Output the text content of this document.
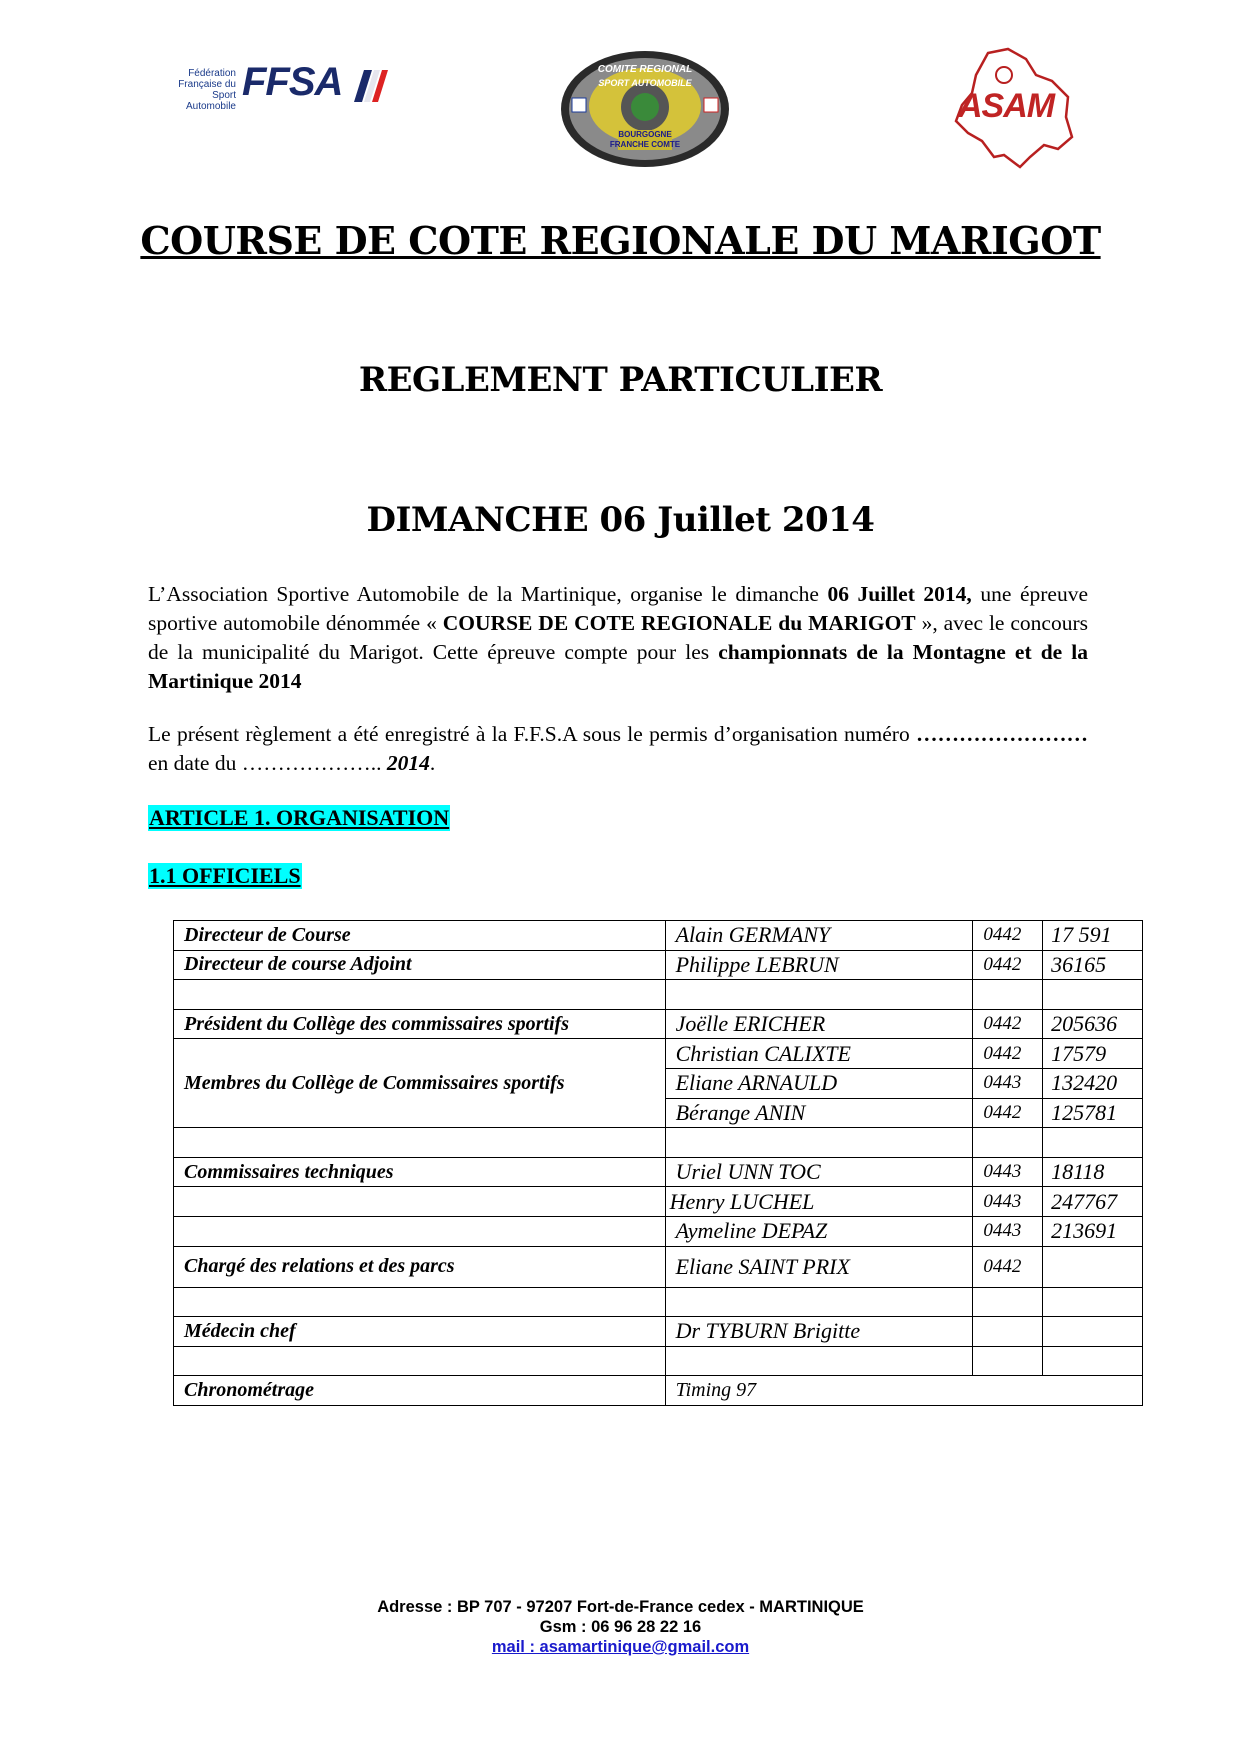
Fédération Française du Sport Automobile
FFSA	COMITE REGIONAL
SPORT AUTOMOBILE
BOURGOGNE
FRANCHE COMTE
ASAM
COURSE DE COTE REGIONALE DU MARIGOT
REGLEMENT PARTICULIER
DIMANCHE 06 Juillet 2014
L’Association Sportive Automobile de la Martinique, organise le dimanche 06 Juillet 2014, une épreuve sportive automobile dénommée « COURSE DE COTE REGIONALE du MARIGOT », avec le concours de la municipalité du Marigot. Cette épreuve compte pour les championnats de la Montagne et de la Martinique 2014
Le présent règlement a été enregistré à la F.F.S.A sous le permis d’organisation numéro …………………… en date du ……………….. 2014.
ARTICLE 1. ORGANISATION
1.1 OFFICIELS
Directeur de Course	Alain GERMANY	0442	17 591
Directeur de course Adjoint	Philippe LEBRUN	0442	36165

Président du Collège des commissaires sportifs	Joëlle ERICHER	0442	205636
Membres du Collège de Commissaires sportifs	Christian CALIXTE	0442	17579
	Eliane ARNAULD	0443	132420
	Bérange ANIN	0442	125781

Commissaires techniques	Uriel UNN TOC	0443	18118
	Henry LUCHEL	0443	247767
	Aymeline DEPAZ	0443	213691
Chargé des relations et des parcs	Eliane SAINT PRIX	0442	

Médecin chef	Dr TYBURN Brigitte		

Chronométrage	Timing 97		
Adresse : BP 707 - 97207 Fort-de-France cedex - MARTINIQUE
Gsm : 06 96 28 22 16
mail : asamartinique@gmail.com
